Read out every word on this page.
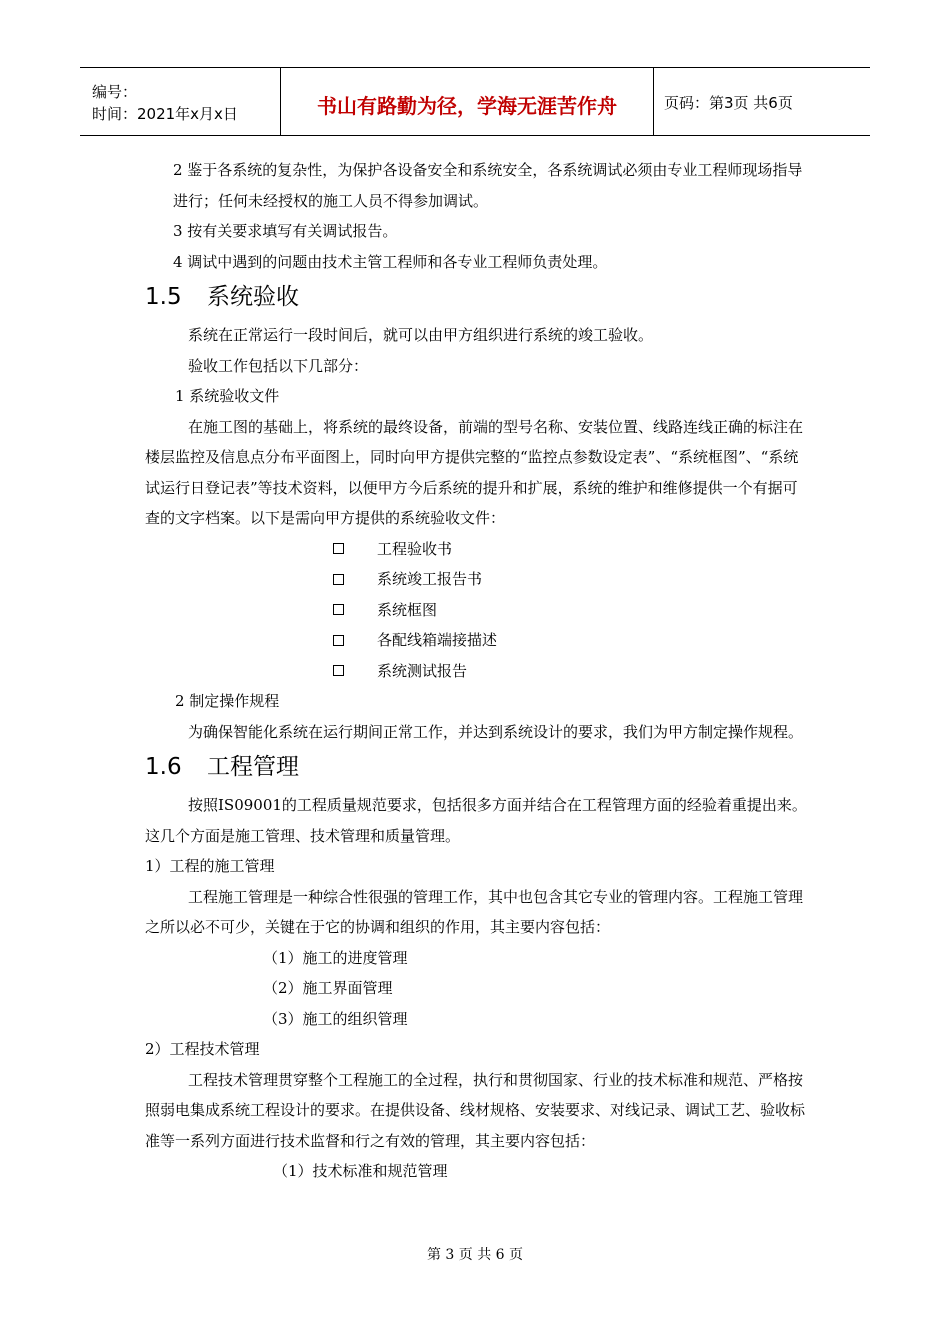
编号：
时间：2021年x月x日	书山有路勤为径，学海无涯苦作舟	页码：第3页 共6页

2 鉴于各系统的复杂性，为保护各设备安全和系统安全，各系统调试必须由专业工程师现场指导进行；任何未经授权的施工人员不得参加调试。

3 按有关要求填写有关调试报告。

4 调试中遇到的问题由技术主管工程师和各专业工程师负责处理。

1.5	系统验收

系统在正常运行一段时间后，就可以由甲方组织进行系统的竣工验收。

验收工作包括以下几部分：

1 系统验收文件

在施工图的基础上，将系统的最终设备，前端的型号名称、安装位置、线路连线正确的标注在楼层监控及信息点分布平面图上，同时向甲方提供完整的“监控点参数设定表”、“系统框图”、“系统试运行日登记表”等技术资料，以便甲方今后系统的提升和扩展，系统的维护和维修提供一个有据可查的文字档案。以下是需向甲方提供的系统验收文件：

工程验收书
系统竣工报告书
系统框图
各配线箱端接描述
系统测试报告

2 制定操作规程

为确保智能化系统在运行期间正常工作，并达到系统设计的要求，我们为甲方制定操作规程。

1.6	工程管理

按照IS09001的工程质量规范要求，包括很多方面并结合在工程管理方面的经验着重提出来。这几个方面是施工管理、技术管理和质量管理。

1）工程的施工管理

工程施工管理是一种综合性很强的管理工作，其中也包含其它专业的管理内容。工程施工管理之所以必不可少，关键在于它的协调和组织的作用，其主要内容包括：

（1）施工的进度管理

（2）施工界面管理

（3）施工的组织管理

2）工程技术管理

工程技术管理贯穿整个工程施工的全过程，执行和贯彻国家、行业的技术标准和规范、严格按照弱电集成系统工程设计的要求。在提供设备、线材规格、安装要求、对线记录、调试工艺、验收标准等一系列方面进行技术监督和行之有效的管理，其主要内容包括：

（1）技术标准和规范管理

第 3 页 共 6 页
